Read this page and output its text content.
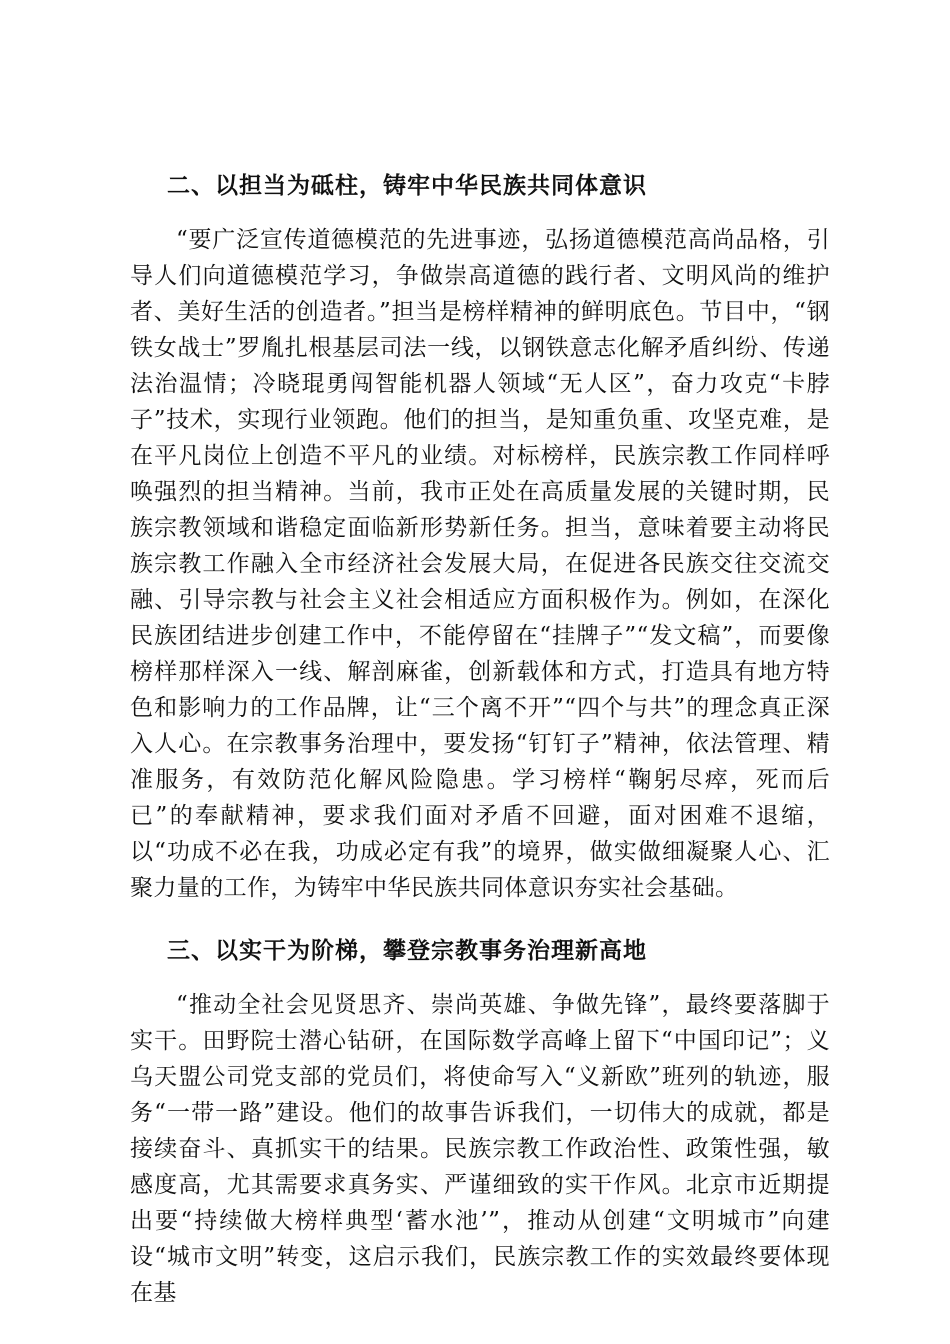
二、以担当为砥柱，铸牢中华民族共同体意识

“要广泛宣传道德模范的先进事迹，弘扬道德模范高尚品格，引导人们向道德模范学习，争做崇高道德的践行者、文明风尚的维护者、美好生活的创造者。”担当是榜样精神的鲜明底色。节目中，“钢铁女战士”罗胤扎根基层司法一线，以钢铁意志化解矛盾纠纷、传递法治温情；冷晓琨勇闯智能机器人领域“无人区”，奋力攻克“卡脖子”技术，实现行业领跑。他们的担当，是知重负重、攻坚克难，是在平凡岗位上创造不平凡的业绩。对标榜样，民族宗教工作同样呼唤强烈的担当精神。当前，我市正处在高质量发展的关键时期，民族宗教领域和谐稳定面临新形势新任务。担当，意味着要主动将民族宗教工作融入全市经济社会发展大局，在促进各民族交往交流交融、引导宗教与社会主义社会相适应方面积极作为。例如，在深化民族团结进步创建工作中，不能停留在“挂牌子”“发文稿”，而要像榜样那样深入一线、解剖麻雀，创新载体和方式，打造具有地方特色和影响力的工作品牌，让“三个离不开”“四个与共”的理念真正深入人心。在宗教事务治理中，要发扬“钉钉子”精神，依法管理、精准服务，有效防范化解风险隐患。学习榜样“鞠躬尽瘁，死而后已”的奉献精神，要求我们面对矛盾不回避，面对困难不退缩，以“功成不必在我，功成必定有我”的境界，做实做细凝聚人心、汇聚力量的工作，为铸牢中华民族共同体意识夯实社会基础。

三、以实干为阶梯，攀登宗教事务治理新高地

“推动全社会见贤思齐、崇尚英雄、争做先锋”，最终要落脚于实干。田野院士潜心钻研，在国际数学高峰上留下“中国印记”；义乌天盟公司党支部的党员们，将使命写入“义新欧”班列的轨迹，服务“一带一路”建设。他们的故事告诉我们，一切伟大的成就，都是接续奋斗、真抓实干的结果。民族宗教工作政治性、政策性强，敏感度高，尤其需要求真务实、严谨细致的实干作风。北京市近期提出要“持续做大榜样典型‘蓄水池’”，推动从创建“文明城市”向建设“城市文明”转变，这启示我们，民族宗教工作的实效最终要体现在基
